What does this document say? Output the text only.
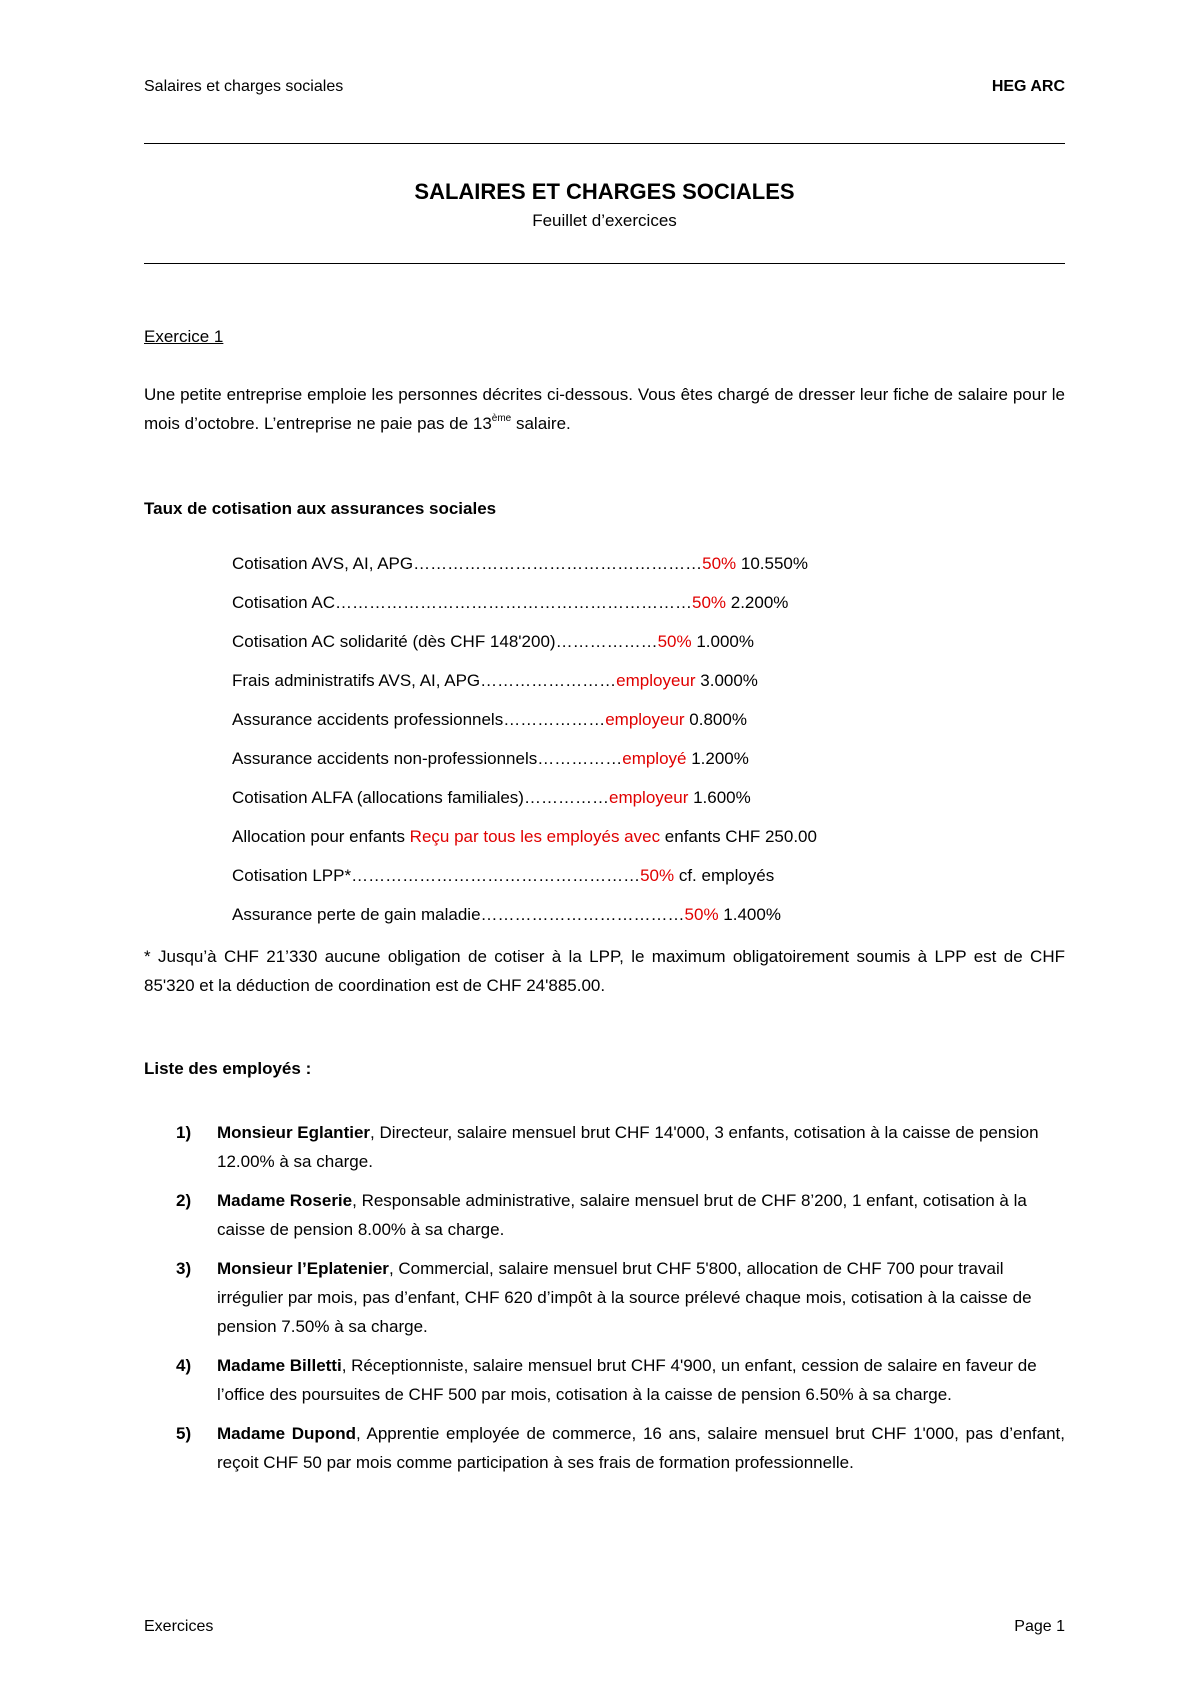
Salaires et charges sociales	HEG ARC

SALAIRES ET CHARGES SOCIALES

Feuillet d’exercices

Exercice 1

Une petite entreprise emploie les personnes décrites ci-dessous. Vous êtes chargé de dresser leur fiche de salaire pour le mois d’octobre. L’entreprise ne paie pas de 13ème salaire.

Taux de cotisation aux assurances sociales

Cotisation AVS, AI, APG……………………………………………50% 10.550%
Cotisation AC………………………………………………………50% 2.200%
Cotisation AC solidarité (dès CHF 148'200)………………50% 1.000%
Frais administratifs AVS, AI, APG……………………employeur 3.000%
Assurance accidents professionnels………………employeur 0.800%
Assurance accidents non-professionnels……………employé 1.200%
Cotisation ALFA (allocations familiales)……………employeur 1.600%
Allocation pour enfants Reçu par tous les employés avec enfants CHF 250.00
Cotisation LPP*……………………………………………50% cf. employés
Assurance perte de gain maladie………………………………50% 1.400%

* Jusqu’à CHF 21’330 aucune obligation de cotiser à la LPP, le maximum obligatoirement soumis à LPP est de CHF 85'320 et la déduction de coordination est de CHF 24'885.00.

Liste des employés :

1) Monsieur Eglantier, Directeur, salaire mensuel brut CHF 14'000, 3 enfants, cotisation à la caisse de pension 12.00% à sa charge.
2) Madame Roserie, Responsable administrative, salaire mensuel brut de CHF 8’200, 1 enfant, cotisation à la caisse de pension 8.00% à sa charge.
3) Monsieur l’Eplatenier, Commercial, salaire mensuel brut CHF 5'800, allocation de CHF 700 pour travail irrégulier par mois, pas d’enfant, CHF 620 d’impôt à la source prélevé chaque mois, cotisation à la caisse de pension 7.50% à sa charge.
4) Madame Billetti, Réceptionniste, salaire mensuel brut CHF 4'900, un enfant, cession de salaire en faveur de l’office des poursuites de CHF 500 par mois, cotisation à la caisse de pension 6.50% à sa charge.
5) Madame Dupond, Apprentie employée de commerce, 16 ans, salaire mensuel brut CHF 1'000, pas d’enfant, reçoit CHF 50 par mois comme participation à ses frais de formation professionnelle.
Exercices	Page 1
